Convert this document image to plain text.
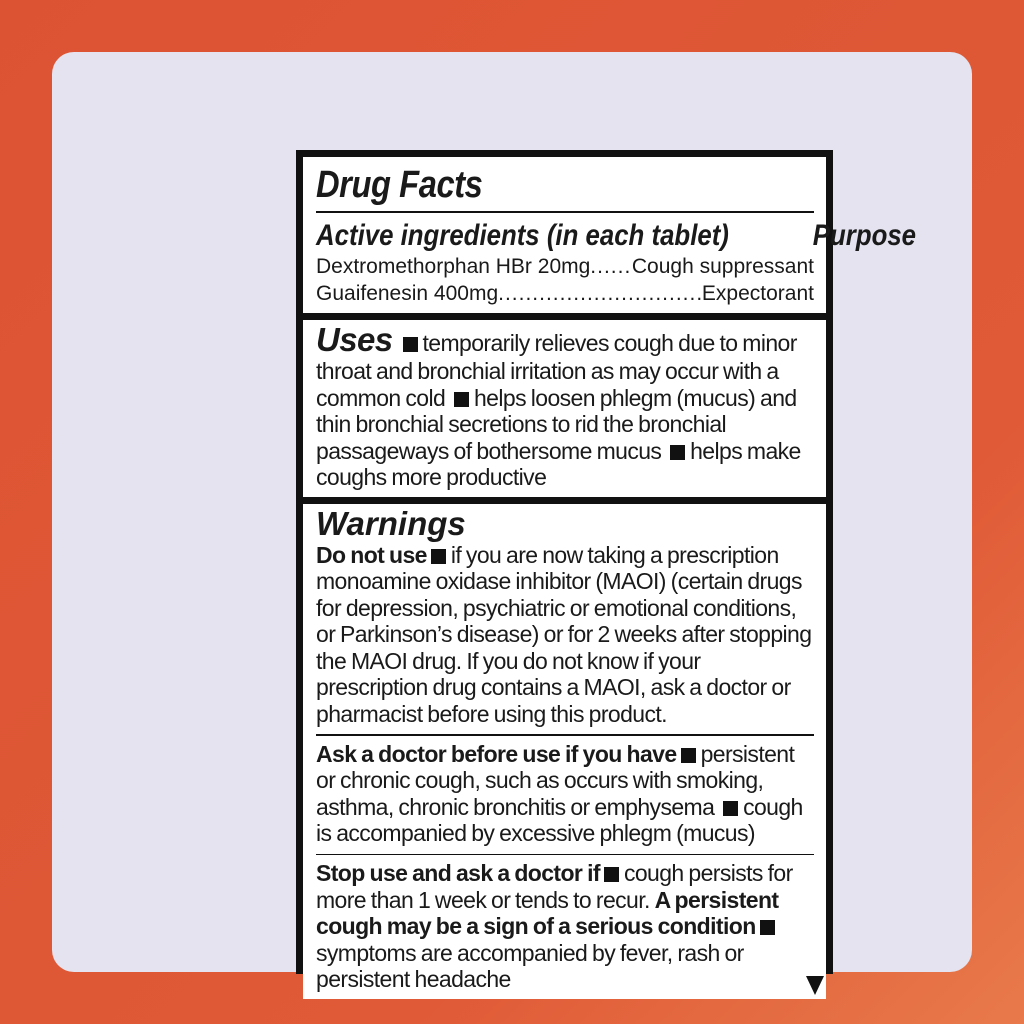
Drug Facts
Active ingredients (in each tablet)	Purpose
Dextromethorphan HBr 20mg ..... Cough suppressant
Guaifenesin 400mg .....	Expectorant
Uses temporarily relieves cough due to minor throat and bronchial irritation as may occur with a common cold helps loosen phlegm (mucus) and thin bronchial secretions to rid the bronchial passageways of bothersome mucus helps make coughs more productive
Warnings
Do not use if you are now taking a prescription monoamine oxidase inhibitor (MAOI) (certain drugs for depression, psychiatric or emotional conditions, or Parkinson’s disease) or for 2 weeks after stopping the MAOI drug. If you do not know if your prescription drug contains a MAOI, ask a doctor or pharmacist before using this product.
Ask a doctor before use if you have persistent or chronic cough, such as occurs with smoking, asthma, chronic bronchitis or emphysema cough is accompanied by excessive phlegm (mucus)
Stop use and ask a doctor if cough persists for more than 1 week or tends to recur. A persistent cough may be a sign of a serious conditionsymptoms are accompanied by fever, rash or persistent headache
